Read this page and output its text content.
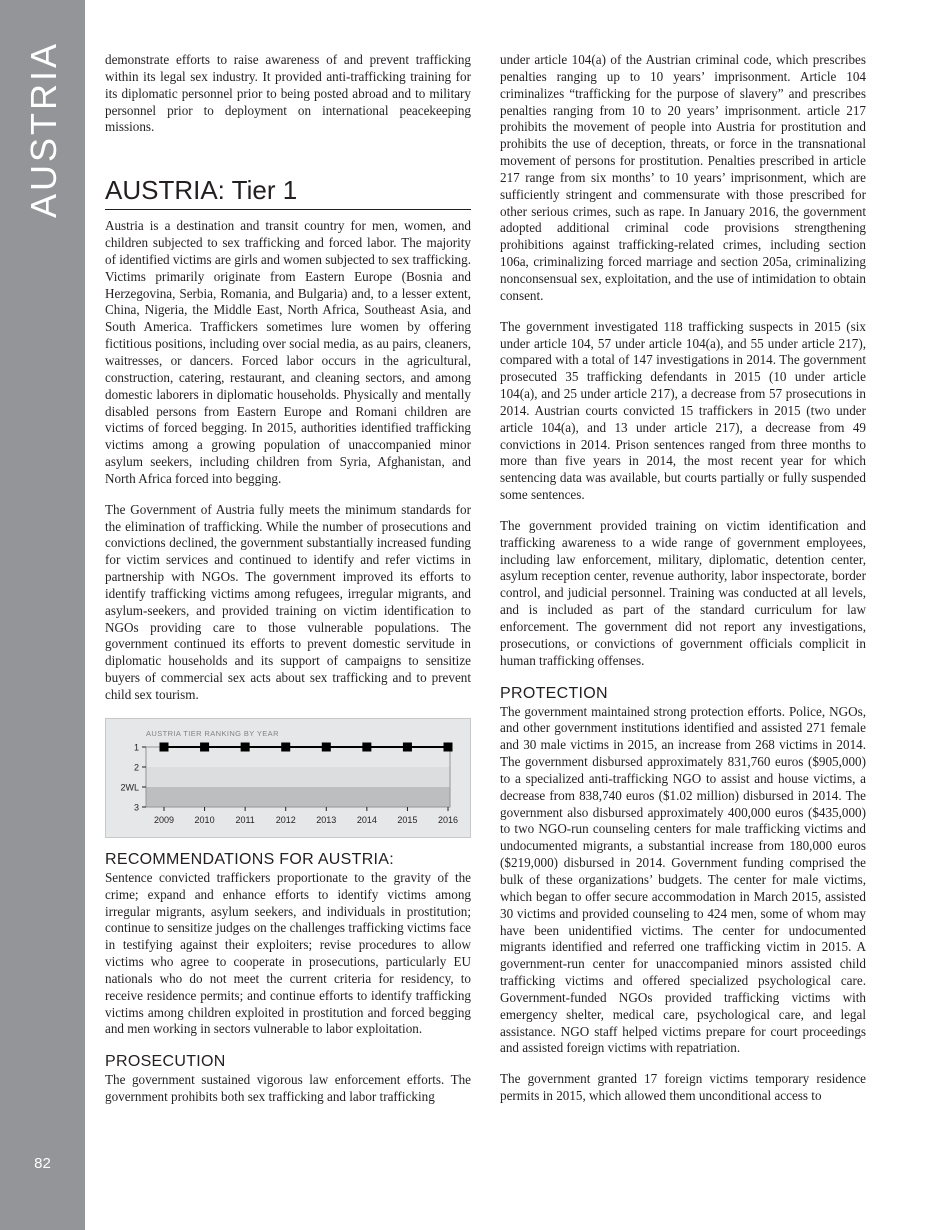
AUSTRIA
82

demonstrate efforts to raise awareness of and prevent trafficking within its legal sex industry. It provided anti-trafficking training for its diplomatic personnel prior to being posted abroad and to military personnel prior to deployment on international peacekeeping missions.

AUSTRIA: Tier 1

Austria is a destination and transit country for men, women, and children subjected to sex trafficking and forced labor. The majority of identified victims are girls and women subjected to sex trafficking. Victims primarily originate from Eastern Europe (Bosnia and Herzegovina, Serbia, Romania, and Bulgaria) and, to a lesser extent, China, Nigeria, the Middle East, North Africa, Southeast Asia, and South America. Traffickers sometimes lure women by offering fictitious positions, including over social media, as au pairs, cleaners, waitresses, or dancers. Forced labor occurs in the agricultural, construction, catering, restaurant, and cleaning sectors, and among domestic laborers in diplomatic households. Physically and mentally disabled persons from Eastern Europe and Romani children are victims of forced begging. In 2015, authorities identified trafficking victims among a growing population of unaccompanied minor asylum seekers, including children from Syria, Afghanistan, and North Africa forced into begging.

The Government of Austria fully meets the minimum standards for the elimination of trafficking. While the number of prosecutions and convictions declined, the government substantially increased funding for victim services and continued to identify and refer victims in partnership with NGOs. The government improved its efforts to identify trafficking victims among refugees, irregular migrants, and asylum-seekers, and provided training on victim identification to NGOs providing care to those vulnerable populations. The government continued its efforts to prevent domestic servitude in diplomatic households and its support of campaigns to sensitize buyers of commercial sex acts about sex trafficking and to prevent child sex tourism.

AUSTRIA TIER RANKING BY YEAR
1
2
2WL
3
2009 2010 2011 2012 2013 2014 2015 2016
RECOMMENDATIONS FOR AUSTRIA:

Sentence convicted traffickers proportionate to the gravity of the crime; expand and enhance efforts to identify victims among irregular migrants, asylum seekers, and individuals in prostitution; continue to sensitize judges on the challenges trafficking victims face in testifying against their exploiters; revise procedures to allow victims who agree to cooperate in prosecutions, particularly EU nationals who do not meet the current criteria for residency, to receive residence permits; and continue efforts to identify trafficking victims among children exploited in prostitution and forced begging and men working in sectors vulnerable to labor exploitation.

PROSECUTION

The government sustained vigorous law enforcement efforts. The government prohibits both sex trafficking and labor trafficking

under article 104(a) of the Austrian criminal code, which prescribes penalties ranging up to 10 years’ imprisonment. Article 104 criminalizes “trafficking for the purpose of slavery” and prescribes penalties ranging from 10 to 20 years’ imprisonment. article 217 prohibits the movement of people into Austria for prostitution and prohibits the use of deception, threats, or force in the transnational movement of persons for prostitution. Penalties prescribed in article 217 range from six months’ to 10 years’ imprisonment, which are sufficiently stringent and commensurate with those prescribed for other serious crimes, such as rape. In January 2016, the government adopted additional criminal code provisions strengthening prohibitions against trafficking-related crimes, including section 106a, criminalizing forced marriage and section 205a, criminalizing nonconsensual sex, exploitation, and the use of intimidation to obtain consent.

The government investigated 118 trafficking suspects in 2015 (six under article 104, 57 under article 104(a), and 55 under article 217), compared with a total of 147 investigations in 2014. The government prosecuted 35 trafficking defendants in 2015 (10 under article 104(a), and 25 under article 217), a decrease from 57 prosecutions in 2014. Austrian courts convicted 15 traffickers in 2015 (two under article 104(a), and 13 under article 217), a decrease from 49 convictions in 2014. Prison sentences ranged from three months to more than five years in 2014, the most recent year for which sentencing data was available, but courts partially or fully suspended some sentences.

The government provided training on victim identification and trafficking awareness to a wide range of government employees, including law enforcement, military, diplomatic, detention center, asylum reception center, revenue authority, labor inspectorate, border control, and judicial personnel. Training was conducted at all levels, and is included as part of the standard curriculum for law enforcement. The government did not report any investigations, prosecutions, or convictions of government officials complicit in human trafficking offenses.

PROTECTION

The government maintained strong protection efforts. Police, NGOs, and other government institutions identified and assisted 271 female and 30 male victims in 2015, an increase from 268 victims in 2014. The government disbursed approximately 831,760 euros ($905,000) to a specialized anti-trafficking NGO to assist and house victims, a decrease from 838,740 euros ($1.02 million) disbursed in 2014. The government also disbursed approximately 400,000 euros ($435,000) to two NGO-run counseling centers for male trafficking victims and undocumented migrants, a substantial increase from 180,000 euros ($219,000) disbursed in 2014. Government funding comprised the bulk of these organizations’ budgets. The center for male victims, which began to offer secure accommodation in March 2015, assisted 30 victims and provided counseling to 424 men, some of whom may have been unidentified victims. The center for undocumented migrants identified and referred one trafficking victim in 2015. A government-run center for unaccompanied minors assisted child trafficking victims and offered specialized psychological care. Government-funded NGOs provided trafficking victims with emergency shelter, medical care, psychological care, and legal assistance. NGO staff helped victims prepare for court proceedings and assisted foreign victims with repatriation.

The government granted 17 foreign victims temporary residence permits in 2015, which allowed them unconditional access to
